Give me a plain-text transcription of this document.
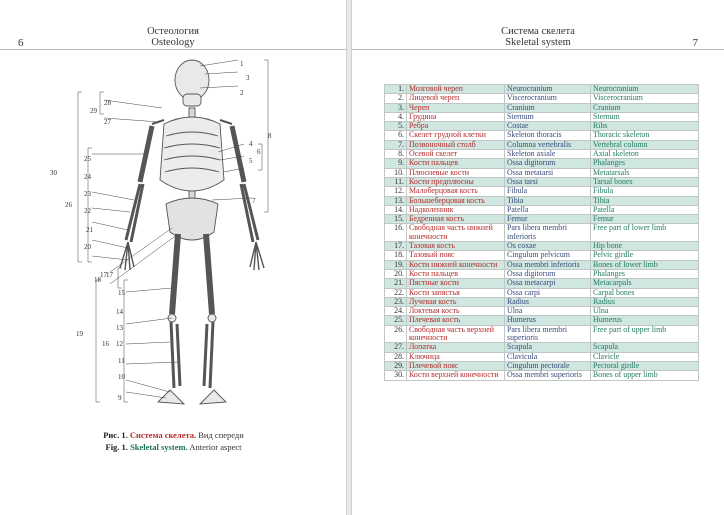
6
Остеология
Osteology
Рис. 1. Система скелета. Вид спереди
Fig. 1. Skeletal system. Anterior aspect
Система скелета
Skeletal system	7
1.	Мозговой череп	Neurocranium	Neurocranium
2.	Лицевой череп	Viscerocranium	Viscerocranium
3.	Череп	Cranium	Cranium
4.	Грудина	Sternum	Sternum
5.	Ребра	Costae	Ribs
6.	Скелет грудной клетки	Skeleton thoracis	Thoracic skeleton
7.	Позвоночный столб	Columna vertebralis	Vertebral column
8.	Осевой скелет	Skeleton axiale	Axial skeleton
9.	Кости пальцев	Ossa digitorum	Phalanges
10.	Плюсневые кости	Ossa metatarsi	Metatarsals
11.	Кости предплюсны	Ossa tarsi	Tarsal bones
12.	Малоберцовая кость	Fibula	Fibula
13.	Большеберцовая кость	Tibia	Tibia
14.	Надколенник	Patella	Patella
15.	Бедренная кость	Femur	Femur
16.	Свободная часть нижней конечности	Pars libera membri inferioris	Free part of lower limb
17.	Тазовая кость	Os coxae	Hip bone
18.	Тазовый пояс	Cingulum pelvicum	Pelvic girdle
19.	Кости нижней конечности	Ossa membri inferioris	Bones of lower limb
20.	Кости пальцев	Ossa digitorum	Phalanges
21.	Пястные кости	Ossa metacarpi	Metacarpals
22.	Кости запястья	Ossa carpi	Carpal bones
23.	Лучевая кость	Radius	Radius
24.	Локтевая кость	Ulna	Ulna
25.	Плечевая кость	Humerus	Humerus
26.	Свободная часть верхней конечности	Pars libera membri superioris	Free part of upper limb
27.	Лопатка	Scapula	Scapula
28.	Ключица	Clavicula	Clavicle
29.	Плечевой пояс	Cingulum pectorale	Pectoral girdle
30.	Кости верхней конечности	Ossa membri superioris	Bones of upper limb
1
2
3
4
5
6
7
8
9
10
11
12
13
14
15
16
17
17
18
19
20
21
22
23
24
25
26
27
28
29
30
